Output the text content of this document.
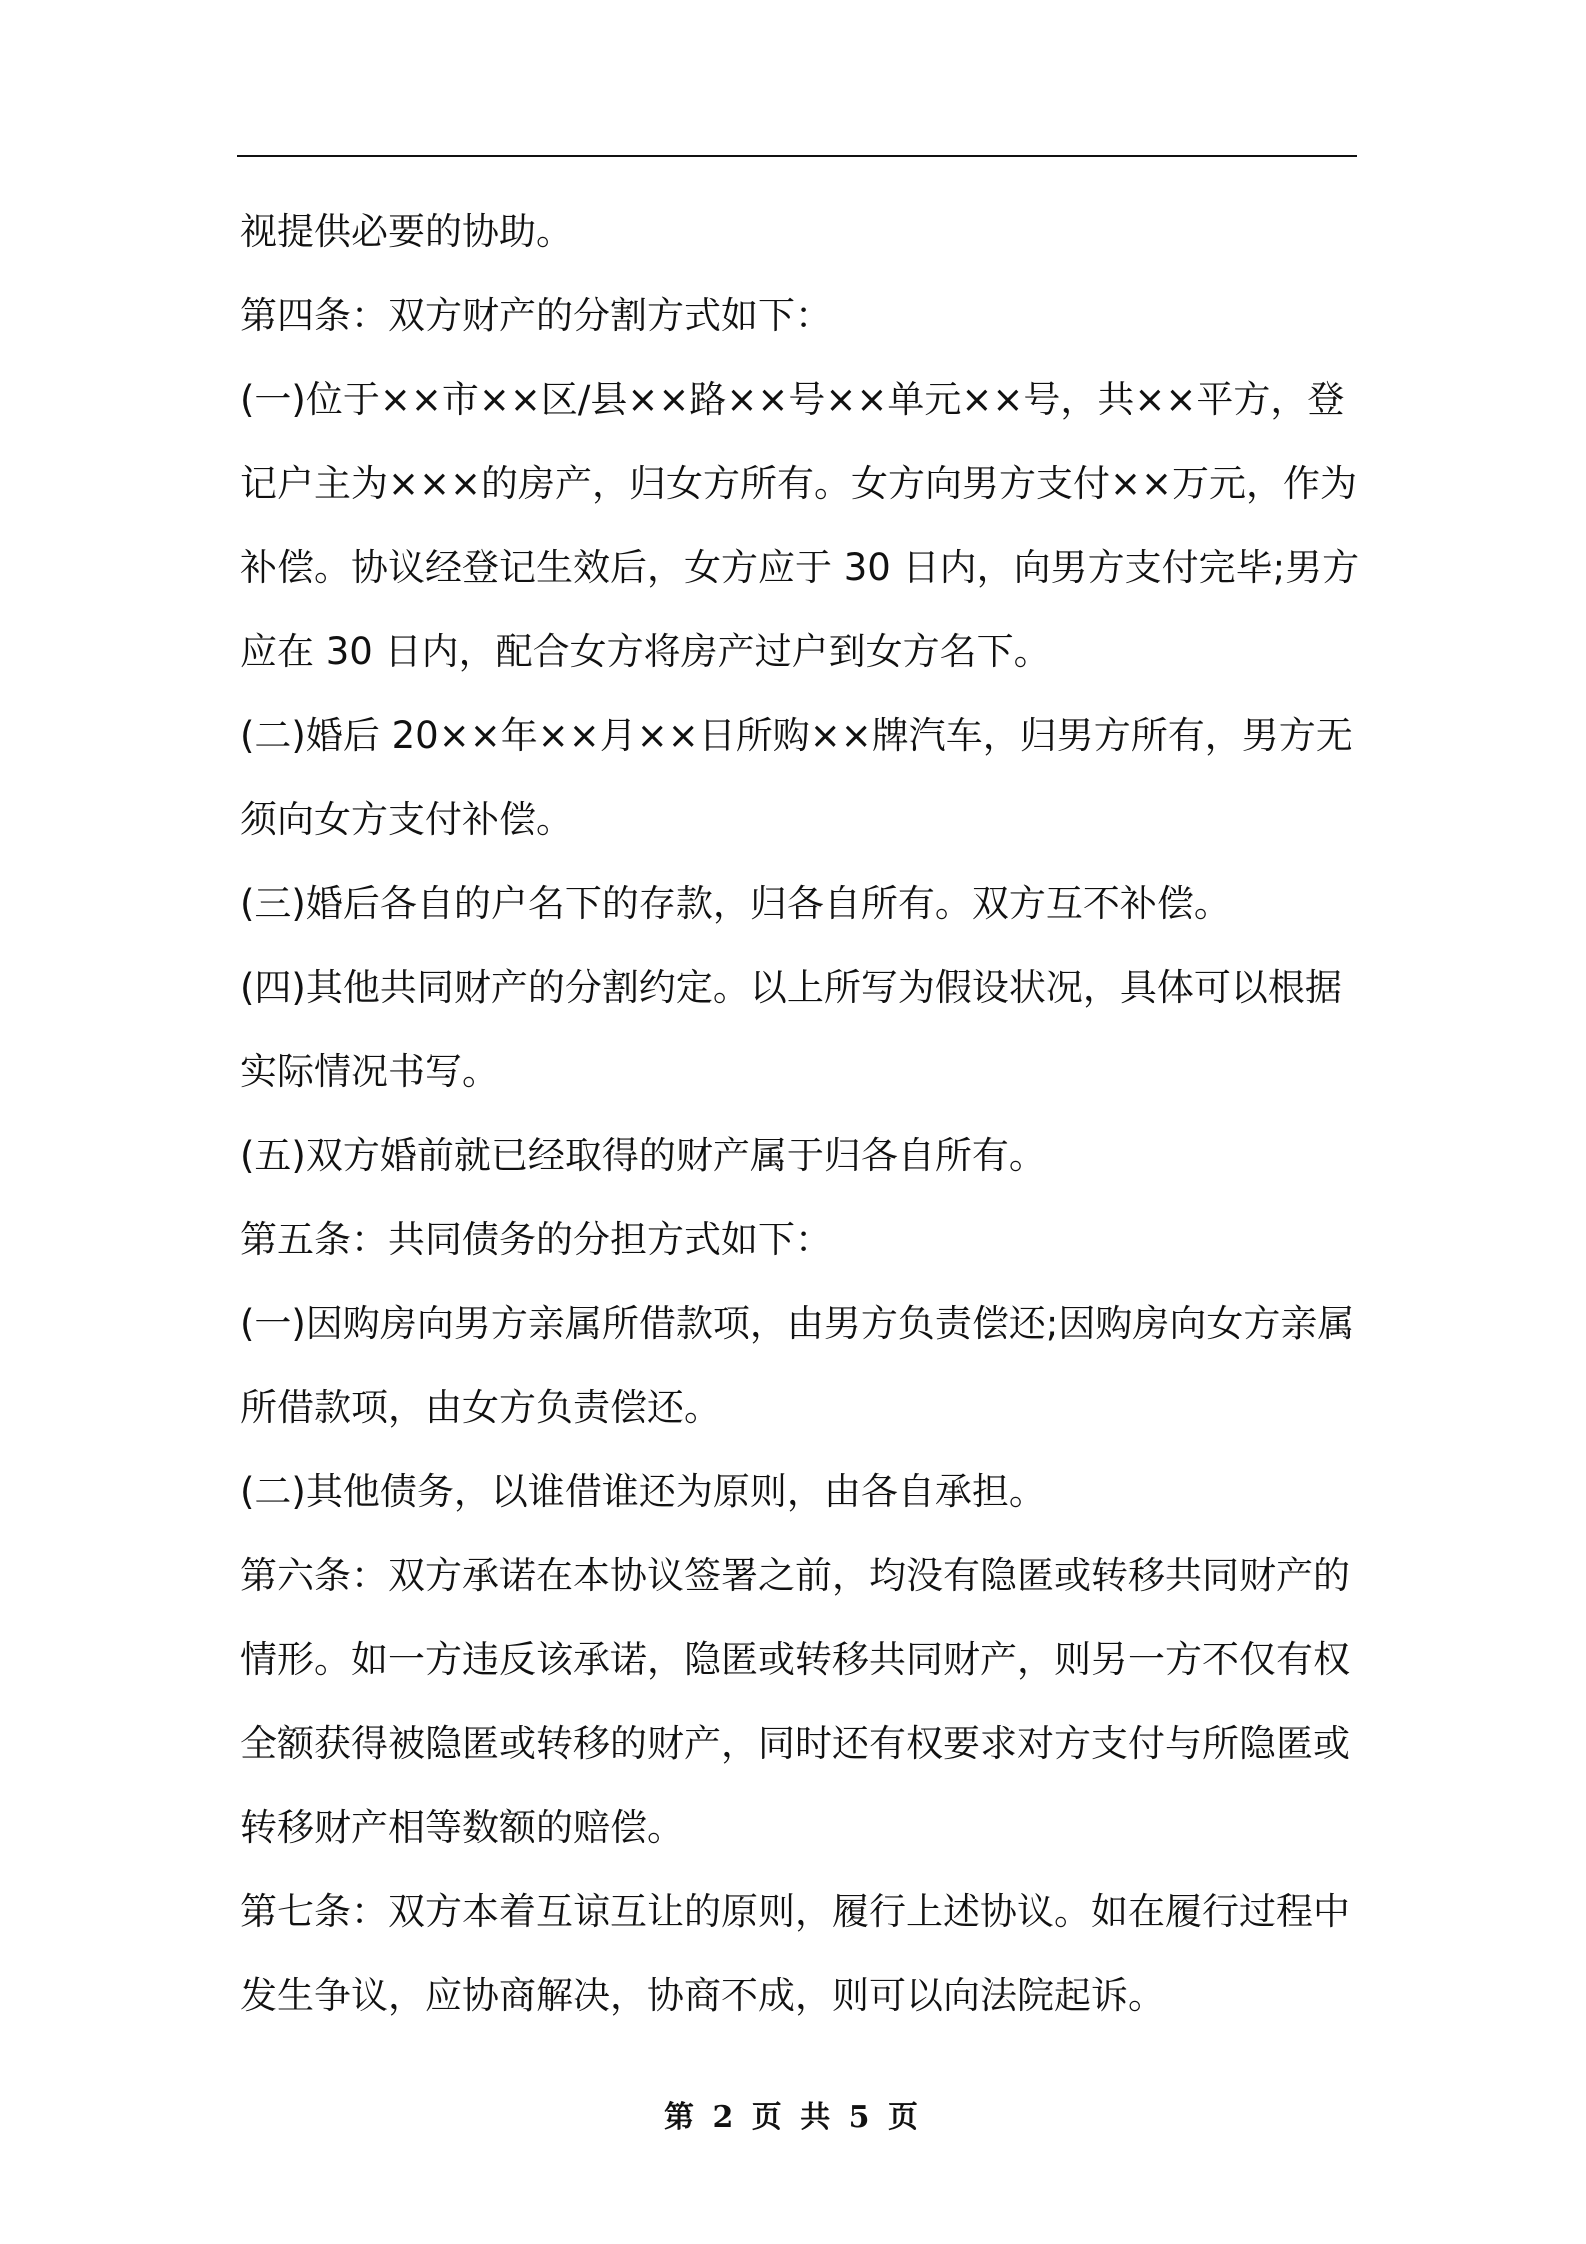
视提供必要的协助。

第四条：双方财产的分割方式如下：

(一)位于××市××区/县××路××号××单元××号，共××平方，登记户主为×××的房产，归女方所有。女方向男方支付××万元，作为补偿。协议经登记生效后，女方应于 30 日内，向男方支付完毕;男方应在 30 日内，配合女方将房产过户到女方名下。

(二)婚后 20××年××月××日所购××牌汽车，归男方所有，男方无须向女方支付补偿。

(三)婚后各自的户名下的存款，归各自所有。双方互不补偿。

(四)其他共同财产的分割约定。以上所写为假设状况，具体可以根据实际情况书写。

(五)双方婚前就已经取得的财产属于归各自所有。

第五条：共同债务的分担方式如下：

(一)因购房向男方亲属所借款项，由男方负责偿还;因购房向女方亲属所借款项，由女方负责偿还。

(二)其他债务，以谁借谁还为原则，由各自承担。

第六条：双方承诺在本协议签署之前，均没有隐匿或转移共同财产的情形。如一方违反该承诺，隐匿或转移共同财产，则另一方不仅有权全额获得被隐匿或转移的财产，同时还有权要求对方支付与所隐匿或转移财产相等数额的赔偿。

第七条：双方本着互谅互让的原则，履行上述协议。如在履行过程中发生争议，应协商解决，协商不成，则可以向法院起诉。

第 2 页 共 5 页
